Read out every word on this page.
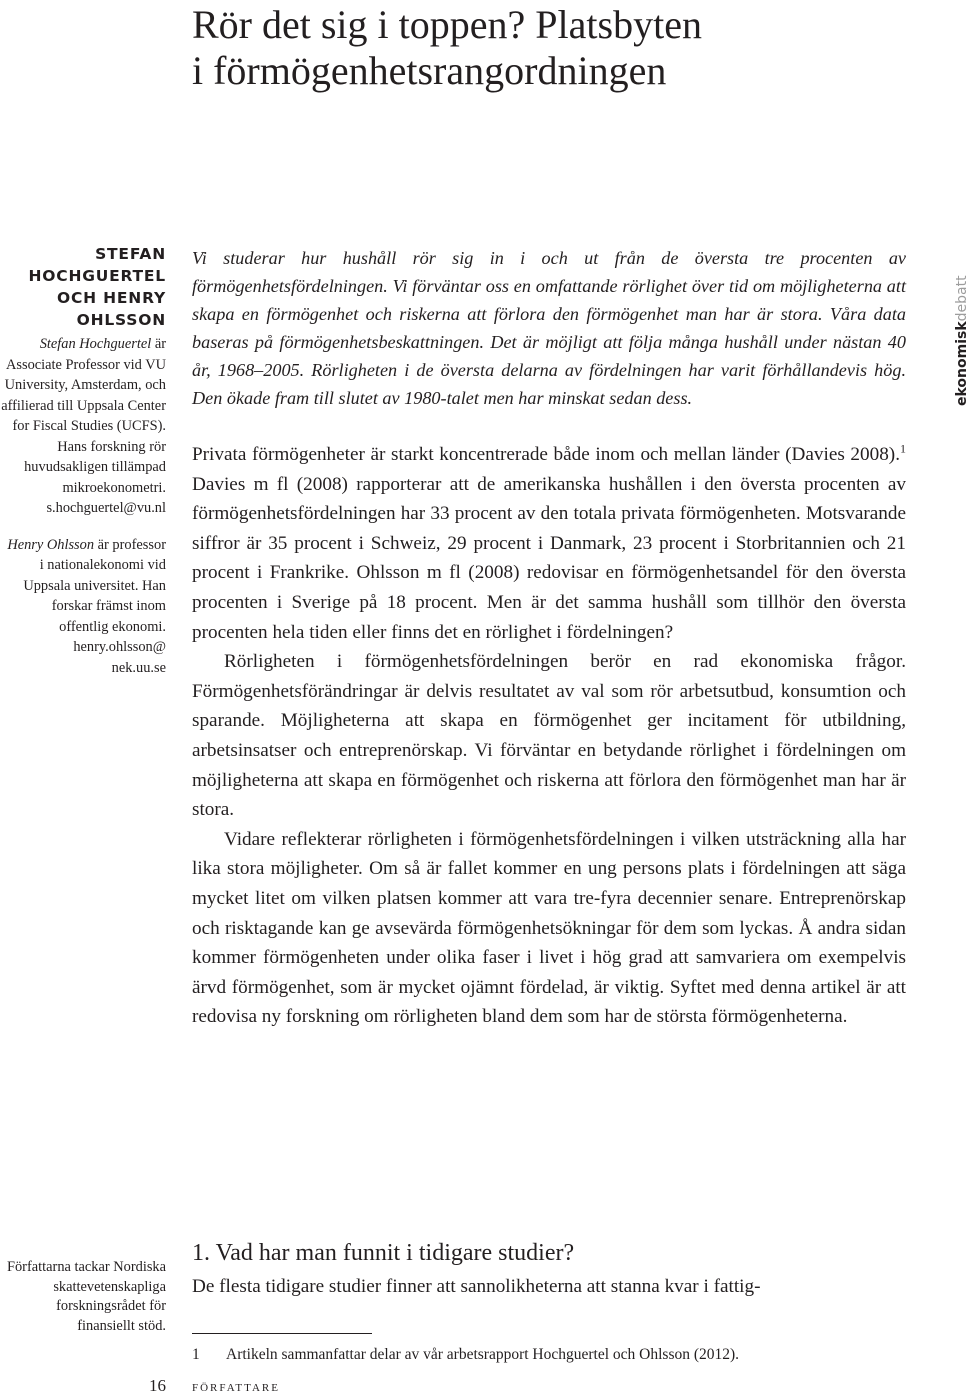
Rör det sig i toppen? Platsbyten
i förmögenhetsrangordningen

STEFAN
HOCHGUERTEL
OCH HENRY
OHLSSON

Stefan Hochguertel är Associate Professor vid VU University, Amsterdam, och affilierad till Uppsala Center for Fiscal Studies (UCFS). Hans forskning rör huvudsakligen tillämpad mikroekonometri.
s.hochguertel@vu.nl

Henry Ohlsson är professor i nationalekonomi vid Uppsala universitet. Han forskar främst inom offentlig ekonomi.
henry.ohlsson@
nek.uu.se

Författarna tackar Nordiska skattevetenskapliga forskningsrådet för finansiellt stöd.

16

Vi studerar hur hushåll rör sig in i och ut från de översta tre procenten av förmögenhetsfördelningen. Vi förväntar oss en omfattande rörlighet över tid om möjligheterna att skapa en förmögenhet och riskerna att förlora den förmögenhet man har är stora. Våra data baseras på förmögenhetsbeskattningen. Det är möjligt att följa många hushåll under nästan 40 år, 1968–2005. Rörligheten i de översta delarna av fördelningen har varit förhållandevis hög. Den ökade fram till slutet av 1980-talet men har minskat sedan dess.

Privata förmögenheter är starkt koncentrerade både inom och mellan länder (Davies 2008).$^1$ Davies m fl (2008) rapporterar att de amerikanska hushållen i den översta procenten av förmögenhetsfördelningen har 33 procent av den totala privata förmögenheten. Motsvarande siffror är 35 procent i Schweiz, 29 procent i Danmark, 23 procent i Storbritannien och 21 procent i Frankrike. Ohlsson m fl (2008) redovisar en förmögenhetsandel för den översta procenten i Sverige på 18 procent. Men är det samma hushåll som tillhör den översta procenten hela tiden eller finns det en rörlighet i fördelningen?

Rörligheten i förmögenhetsfördelningen berör en rad ekonomiska frågor. Förmögenhetsförändringar är delvis resultatet av val som rör arbetsutbud, konsumtion och sparande. Möjligheterna att skapa en förmögenhet ger incitament för utbildning, arbetsinsatser och entreprenörskap. Vi förväntar en betydande rörlighet i fördelningen om möjligheterna att skapa en förmögenhet och riskerna att förlora den förmögenhet man har är stora.

Vidare reflekterar rörligheten i förmögenhetsfördelningen i vilken utsträckning alla har lika stora möjligheter. Om så är fallet kommer en ung persons plats i fördelningen att säga mycket litet om vilken platsen kommer att vara tre-fyra decennier senare. Entreprenörskap och risktagande kan ge avsevärda förmögenhetsökningar för dem som lyckas. Å andra sidan kommer förmögenheten under olika faser i livet i hög grad att samvariera om exempelvis ärvd förmögenhet, som är mycket ojämnt fördelad, är viktig. Syftet med denna artikel är att redovisa ny forskning om rörligheten bland dem som har de största förmögenheterna.

1. Vad har man funnit i tidigare studier?

De flesta tidigare studier finner att sannolikheterna att stanna kvar i fattig-

1 Artikeln sammanfattar delar av vår arbetsrapport Hochguertel och Ohlsson (2012).

FÖRFATTARE

ekonomiskdebatt
